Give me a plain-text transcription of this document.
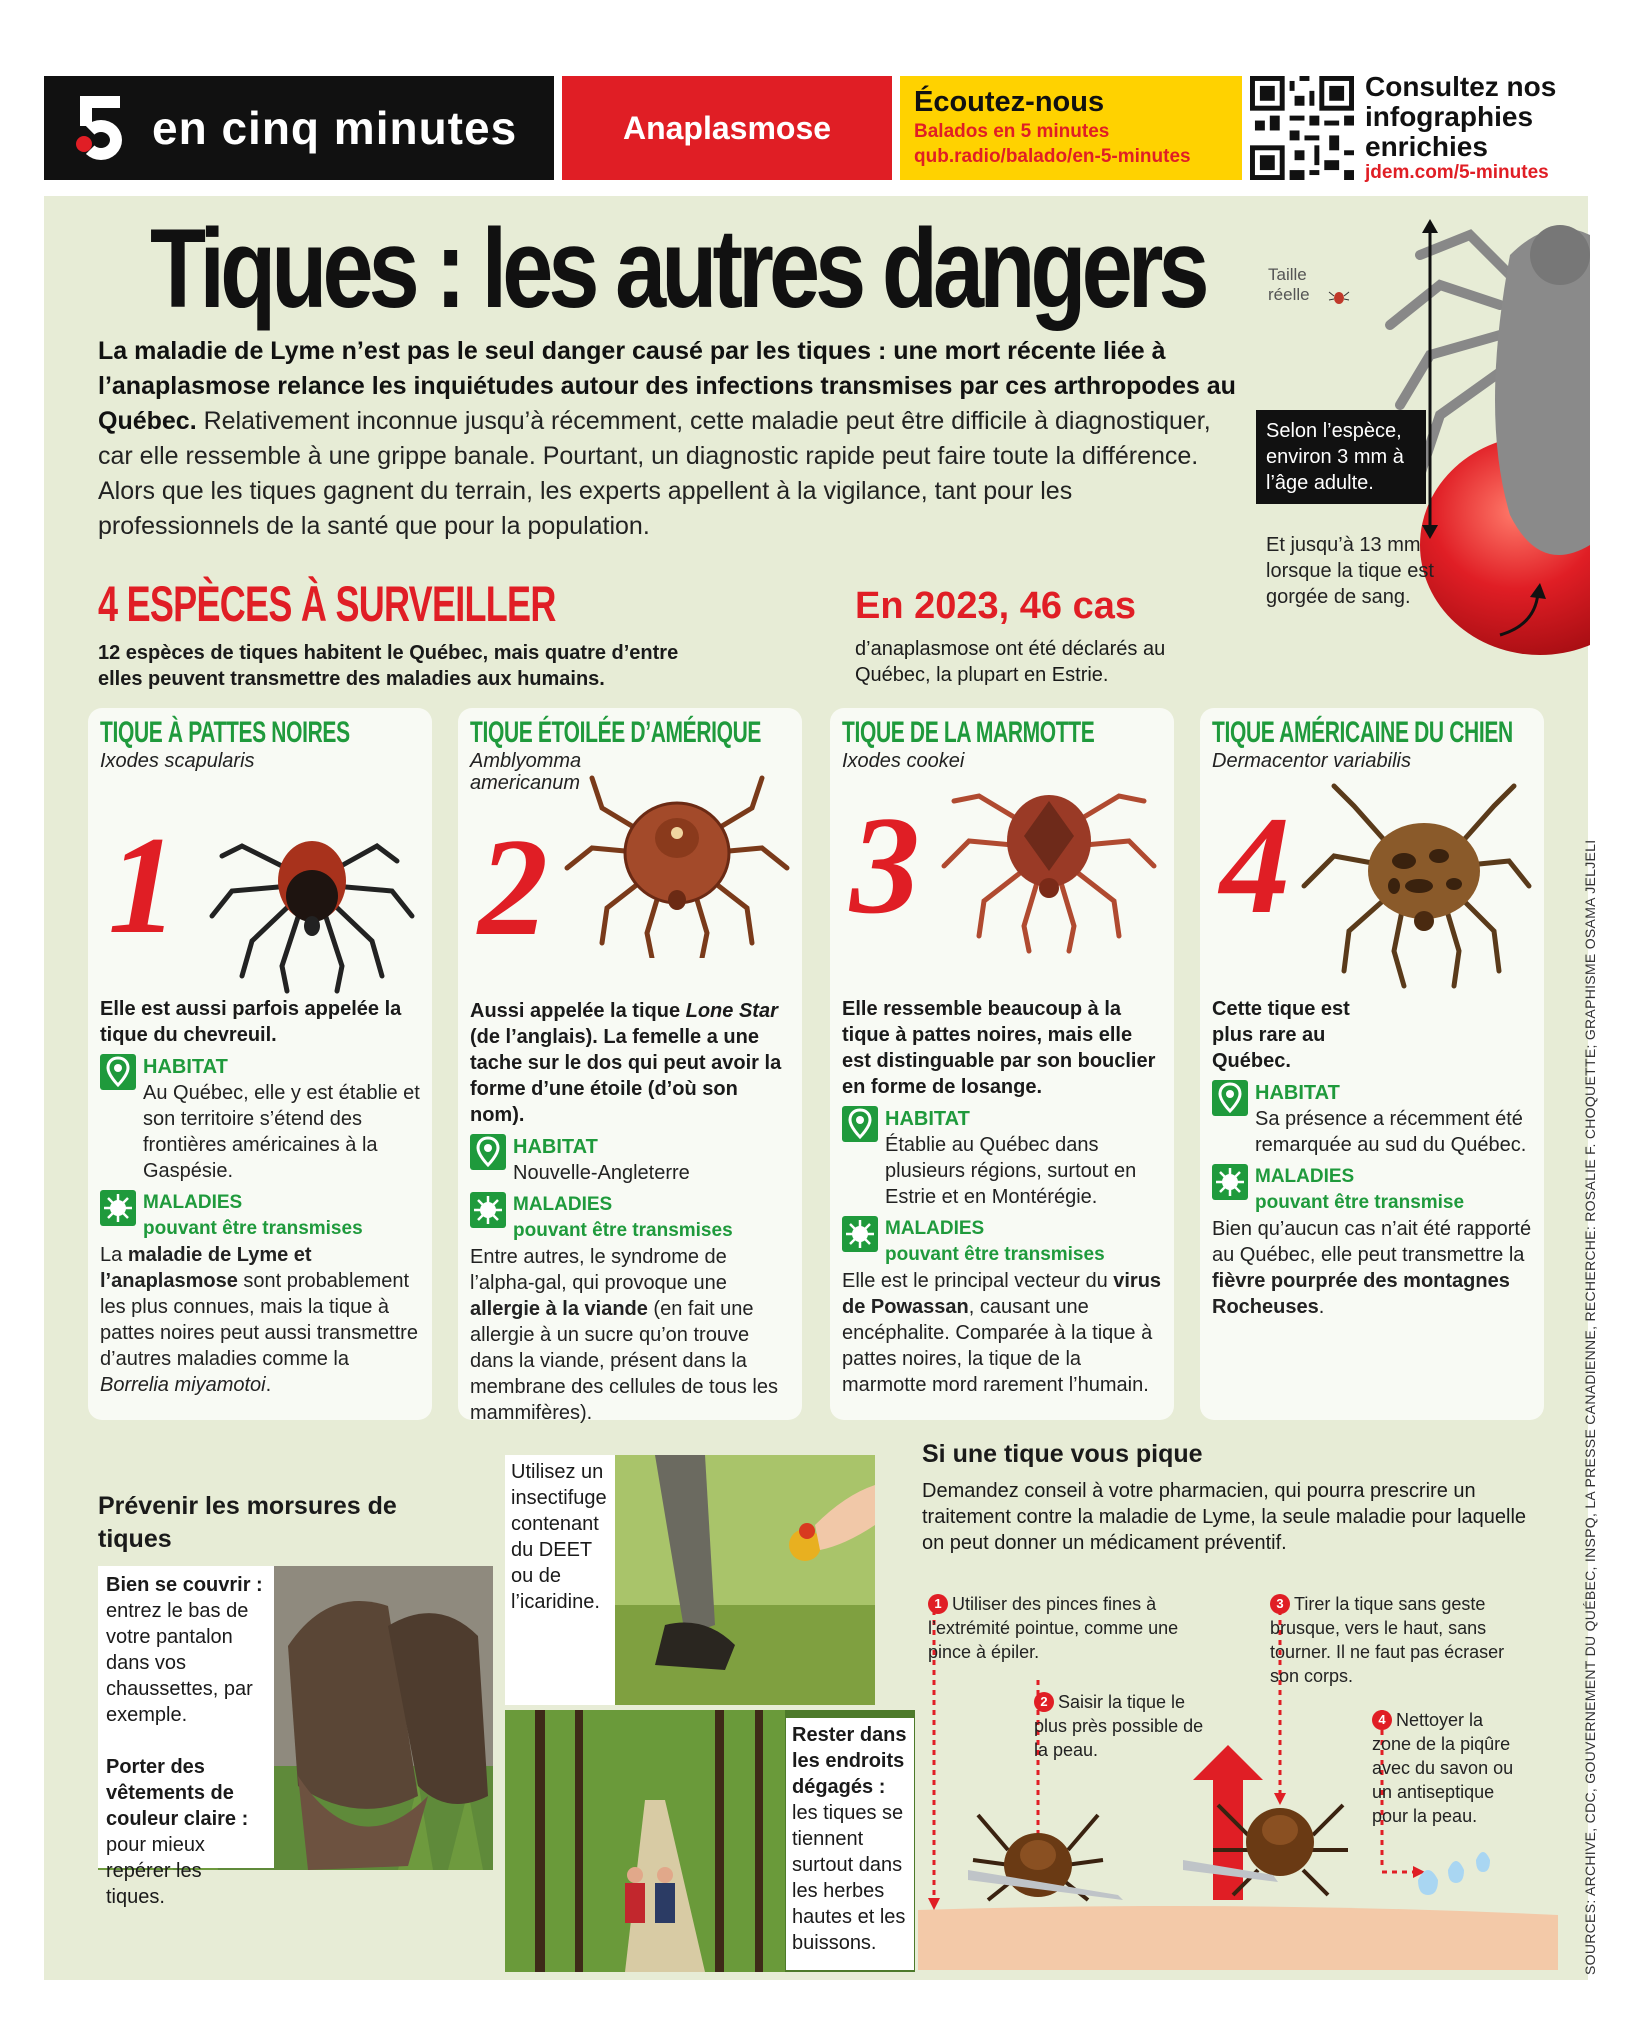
en cinq minutes	Anaplasmose
Écoutez-nous
Balados en 5 minutes
qub.radio/balado/en-5-minutes
Consultez nos
infographies
enrichies
jdem.com/5-minutes
Tiques : les autres dangers
La maladie de Lyme n’est pas le seul danger causé par les tiques : une mort récente liée à l’anaplasmose relance les inquiétudes autour des infections transmises par ces arthropodes au Québec. Relativement inconnue jusqu’à récemment, cette maladie peut être difficile à diagnostiquer, car elle ressemble à une grippe banale. Pourtant, un diagnostic rapide peut faire toute la différence. Alors que les tiques gagnent du terrain, les experts appellent à la vigilance, tant pour les professionnels de la santé que pour la population.
Taille
réelle
Selon l’espèce, environ 3 mm à l’âge adulte.
Et jusqu’à 13 mm lorsque la tique est gorgée de sang.
4 ESPÈCES À SURVEILLER
12 espèces de tiques habitent le Québec, mais quatre d’entre elles peuvent transmettre des maladies aux humains.
En 2023, 46 cas
d’anaplasmose ont été déclarés au Québec, la plupart en Estrie.
TIQUE À PATTES NOIRES
Ixodes scapularis
1
Elle est aussi parfois appelée la tique du chevreuil.
HABITAT
Au Québec, elle y est établie et son territoire s’étend des frontières américaines à la Gaspésie.
MALADIES
pouvant être transmises
La maladie de Lyme et l’anaplasmose sont probablement les plus connues, mais la tique à pattes noires peut aussi transmettre d’autres maladies comme la Borrelia miyamotoi.
TIQUE ÉTOILÉE D’AMÉRIQUE
Amblyomma americanum
2
Aussi appelée la tique Lone Star (de l’anglais). La femelle a une tache sur le dos qui peut avoir la forme d’une étoile (d’où son nom).
HABITAT
Nouvelle-Angleterre
MALADIES
pouvant être transmises
Entre autres, le syndrome de l’alpha-gal, qui provoque une allergie à la viande (en fait une allergie à un sucre qu’on trouve dans la viande, présent dans la membrane des cellules de tous les mammifères).
TIQUE DE LA MARMOTTE
Ixodes cookei
3
Elle ressemble beaucoup à la tique à pattes noires, mais elle est distinguable par son bouclier en forme de losange.
HABITAT
Établie au Québec dans plusieurs régions, surtout en Estrie et en Montérégie.
MALADIES
pouvant être transmises
Elle est le principal vecteur du virus de Powassan, causant une encéphalite. Comparée à la tique à pattes noires, la tique de la marmotte mord rarement l’humain.
TIQUE AMÉRICAINE DU CHIEN
Dermacentor variabilis
4
Cette tique est plus rare au Québec.
HABITAT
Sa présence a récemment été remarquée au sud du Québec.
MALADIES
pouvant être transmise
Bien qu’aucun cas n’ait été rapporté au Québec, elle peut transmettre la fièvre pourprée des montagnes Rocheuses.
Prévenir les morsures de tiques
Bien se couvrir : entrez le bas de votre pantalon dans vos chaussettes, par exemple.

Porter des vêtements de couleur claire : pour mieux repérer les tiques.
Utilisez un insectifuge contenant du DEET ou de l’icaridine.
Rester dans les endroits dégagés : les tiques se tiennent surtout dans les herbes hautes et les buissons.
Si une tique vous pique
Demandez conseil à votre pharmacien, qui pourra prescrire un traitement contre la maladie de Lyme, la seule maladie pour laquelle on peut donner un médicament préventif.
1 Utiliser des pinces fines à l’extrémité pointue, comme une pince à épiler.
2 Saisir la tique le plus près possible de la peau.
3 Tirer la tique sans geste brusque, vers le haut, sans tourner. Il ne faut pas écraser son corps.
4 Nettoyer la zone de la piqûre avec du savon ou un antiseptique pour la peau.	SOURCES: ARCHIVE, CDC, GOUVERNEMENT DU QUÉBEC, INSPQ, LA PRESSE CANADIENNE, RECHERCHE: ROSALIE F. CHOQUETTE; GRAPHISME OSAMA JELJELI
